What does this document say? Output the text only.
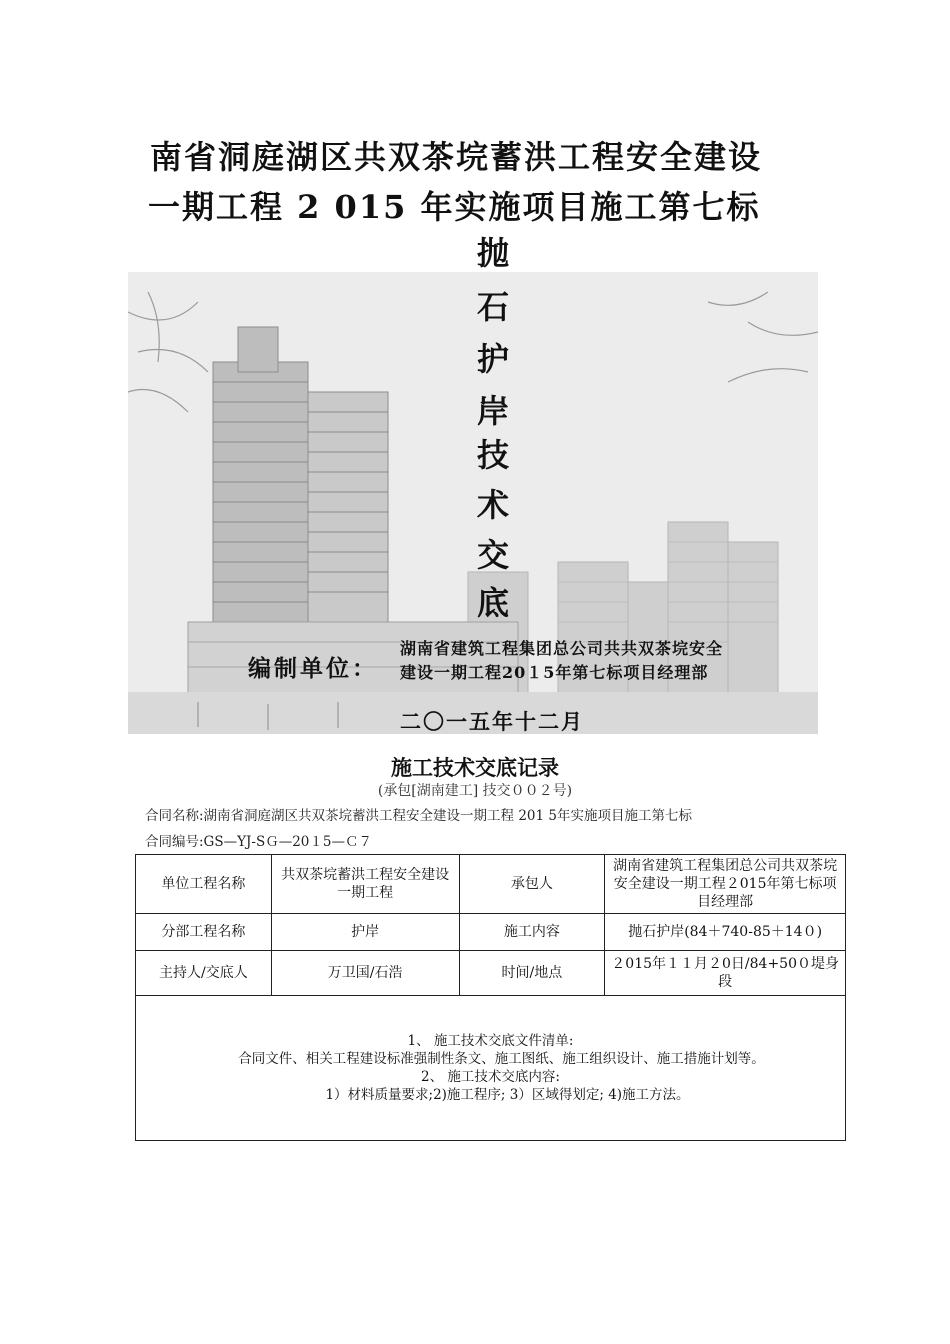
南省洞庭湖区共双茶垸蓄洪工程安全建设
一期工程 2 015 年实施项目施工第七标
抛
石
护
岸
技
术
交
底
编制单位：
湖南省建筑工程集团总公司共共双茶垸安全
建设一期工程20１5年第七标项目经理部
二〇一五年十二月
施工技术交底记录
(承包[湖南建工] 技交００２号)
合同名称:湖南省洞庭湖区共双茶垸蓄洪工程安全建设一期工程 201 5年实施项目施工第七标
合同编号:GS—YJ-SＧ—20１5—Ｃ７
单位工程名称	共双茶垸蓄洪工程安全建设一期工程	承包人	湖南省建筑工程集团总公司共双茶垸安全建设一期工程２015年第七标项目经理部
分部工程名称	护岸	施工内容	抛石护岸(84＋740-85＋14０)
主持人/交底人	万卫国/石浩	时间/地点	２015年１１月２0日/84+50０堤身段

1、 施工技术交底文件清单:
合同文件、相关工程建设标准强制性条文、施工图纸、施工组织设计、施工措施计划等。
2、 施工技术交底内容:
1）材料质量要求;2)施工程序; 3）区域得划定; 4)施工方法。			
